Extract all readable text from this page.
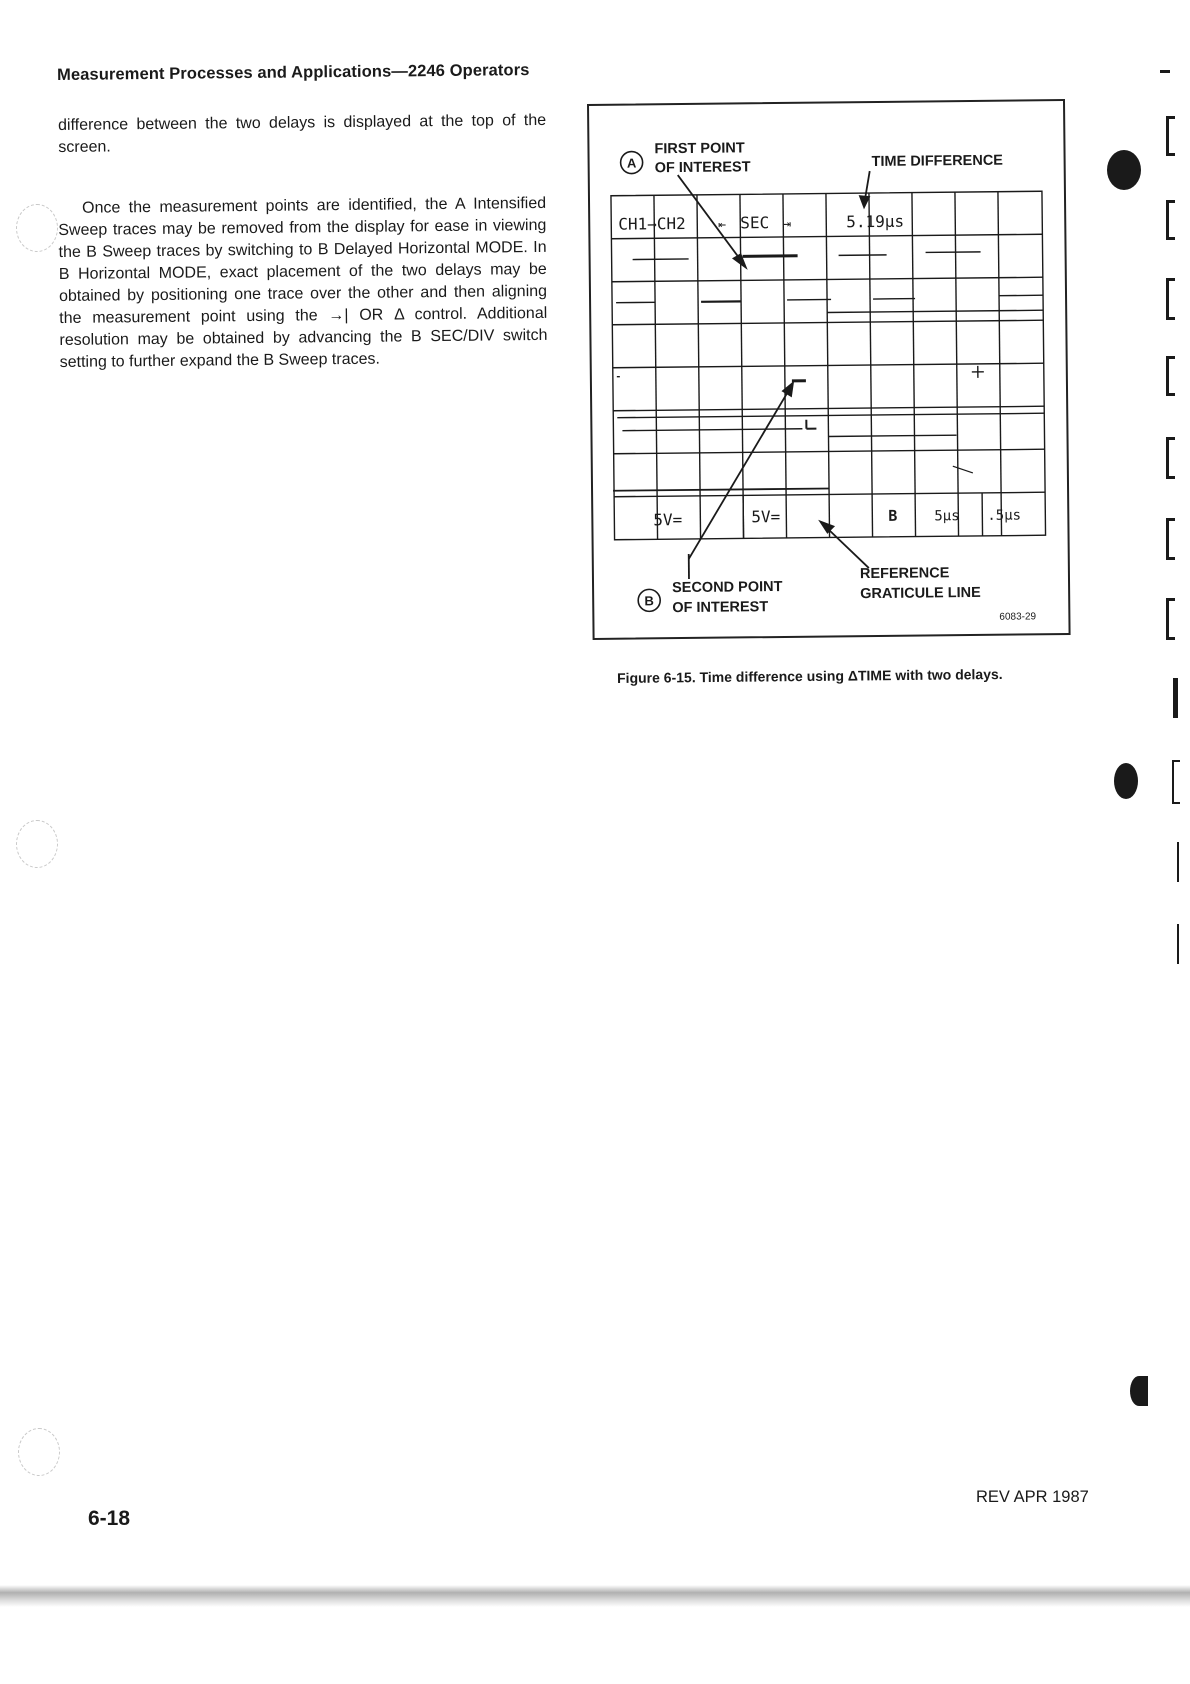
Measurement Processes and Applications—2246 Operators
difference between the two delays is displayed at the top of the screen.
Once the measurement points are identified, the A Intensified Sweep traces may be removed from the display for ease in viewing the B Sweep traces by switching to B Delayed Horizontal MODE. In B Horizontal MODE, exact placement of the two delays may be obtained by positioning one trace over the other and then aligning the measurement point using the →| OR Δ control. Additional resolution may be obtained by advancing the B SEC/DIV switch setting to further expand the B Sweep traces.
A
FIRST POINT
OF INTEREST	TIME DIFFERENCE
CH1→CH2 ⇤ SEC ⇥	5.19μs
5V=	5V=	B	5μs .5μs
B
SECOND POINT
OF INTEREST
REFERENCE
GRATICULE LINE
6083-29
Figure 6-15. Time difference using ΔTIME with two delays.
6-18
REV APR 1987
